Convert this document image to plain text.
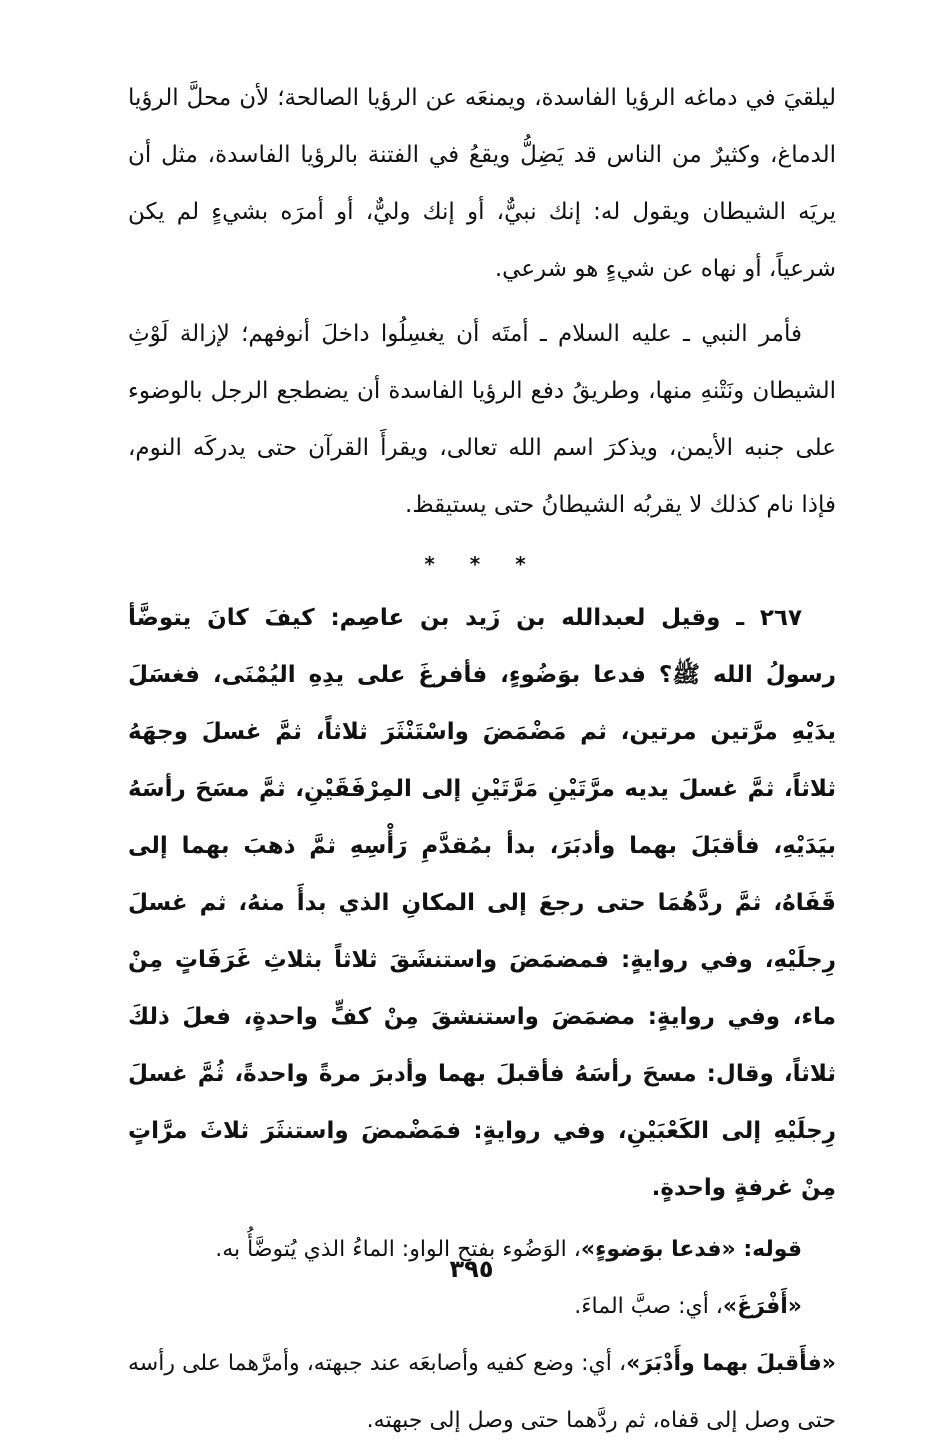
ليلقيَ في دماغه الرؤيا الفاسدة، ويمنعَه عن الرؤيا الصالحة؛ لأن محلَّ الرؤيا الدماغ، وكثيرٌ من الناس قد يَضِلُّ ويقعُ في الفتنة بالرؤيا الفاسدة، مثل أن يريَه الشيطان ويقول له: إنك نبيٌّ، أو إنك وليٌّ، أو أمرَه بشيءٍ لم يكن شرعياً، أو نهاه عن شيءٍ هو شرعي.

فأمر النبي ـ عليه السلام ـ أمتَه أن يغسِلُوا داخلَ أنوفهم؛ لإزالة لَوْثِ الشيطان ونَتْنهِ منها، وطريقُ دفع الرؤيا الفاسدة أن يضطجع الرجل بالوضوء على جنبه الأيمن، ويذكرَ اسم الله تعالى، ويقرأَ القرآن حتى يدركَه النوم، فإذا نام كذلك لا يقربُه الشيطانُ حتى يستيقظ.

* * *

٢٦٧ ـ وقيل لعبدالله بن زَيد بن عاصِم: كيفَ كانَ يتوضَّأ رسولُ الله ﷺ؟ فدعا بوَضُوءٍ، فأفرغَ على يدِهِ اليُمْنَى، فغسَلَ يدَيْهِ مرَّتين مرتين، ثم مَضْمَضَ واسْتَنْثَرَ ثلاثاً، ثمَّ غسلَ وجهَهُ ثلاثاً، ثمَّ غسلَ يديه مرَّتَيْنِ مَرَّتَيْنِ إلى المِرْفَقَيْنِ، ثمَّ مسَحَ رأسَهُ بيَدَيْهِ، فأقبَلَ بهما وأدبَرَ، بدأ بمُقدَّمِ رَأْسِهِ ثمَّ ذهبَ بهما إلى قَفَاهُ، ثمَّ ردَّهُمَا حتى رجعَ إلى المكانِ الذي بدأَ منهُ، ثم غسلَ رِجلَيْهِ، وفي روايةٍ: فمضمَضَ واستنشَقَ ثلاثاً بثلاثِ غَرَفَاتٍ مِنْ ماء، وفي روايةٍ: مضمَضَ واستنشقَ مِنْ كفٍّ واحدةٍ، فعلَ ذلكَ ثلاثاً، وقال: مسحَ رأسَهُ فأقبلَ بهما وأدبرَ مرةً واحدةً، ثُمَّ غسلَ رِجلَيْهِ إلى الكَعْبَيْنِ، وفي روايةٍ: فمَضْمضَ واستنثَرَ ثلاثَ مرَّاتٍ مِنْ غرفةٍ واحدةٍ.

قوله: «فدعا بوَضوءٍ»، الوَضُوء بفتح الواو: الماءُ الذي يُتوضَّأُ به.

«أَفْرَغَ»، أي: صبَّ الماءَ.

«فأَقبلَ بهما وأَدْبَرَ»، أي: وضع كفيه وأصابعَه عند جبهته، وأمرَّهما على رأسه حتى وصل إلى قفاه، ثم ردَّهما حتى وصل إلى جبهته.

٣٩٥
